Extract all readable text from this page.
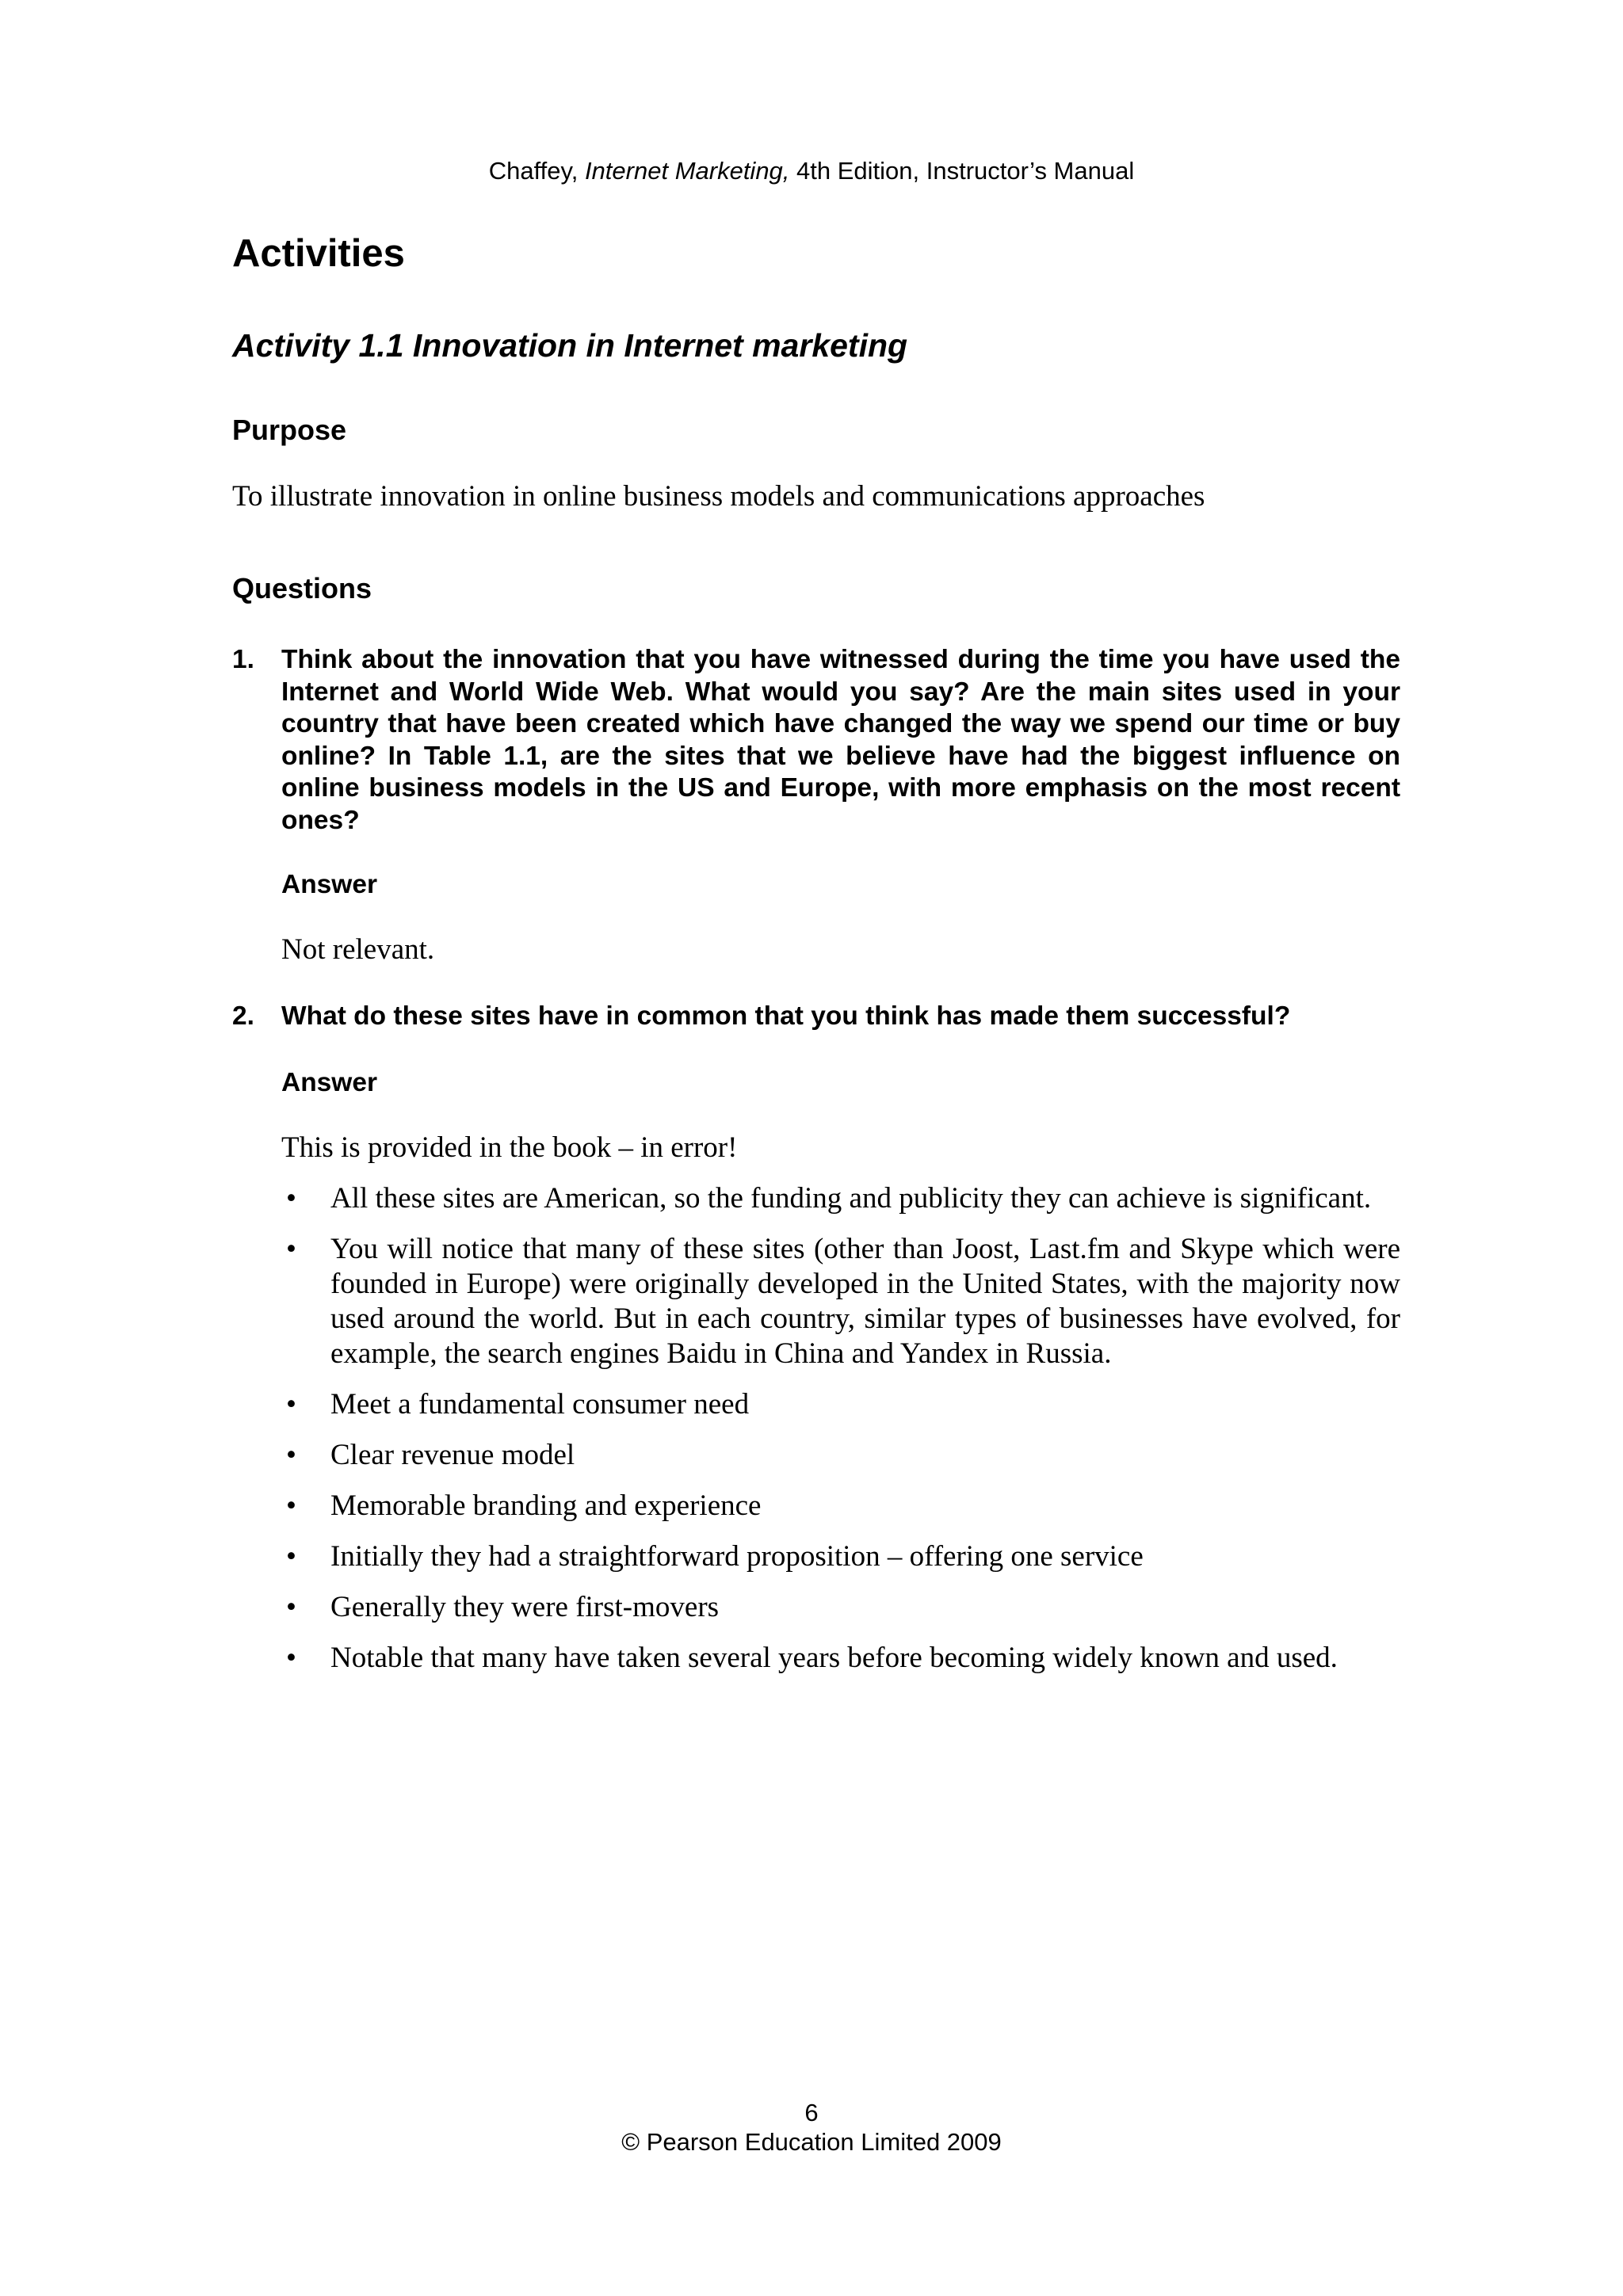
Chaffey, Internet Marketing, 4th Edition, Instructor’s Manual
Activities
Activity 1.1 Innovation in Internet marketing
Purpose

To illustrate innovation in online business models and communications approaches

Questions
1. Think about the innovation that you have witnessed during the time you have used the Internet and World Wide Web. What would you say? Are the main sites used in your country that have been created which have changed the way we spend our time or buy online? In Table 1.1, are the sites that we believe have had the biggest influence on online business models in the US and Europe, with more emphasis on the most recent ones?
Answer
Not relevant.
2. What do these sites have in common that you think has made them successful?
Answer
This is provided in the book – in error!
• All these sites are American, so the funding and publicity they can achieve is significant.
• You will notice that many of these sites (other than Joost, Last.fm and Skype which were founded in Europe) were originally developed in the United States, with the majority now used around the world. But in each country, similar types of businesses have evolved, for example, the search engines Baidu in China and Yandex in Russia.
• Meet a fundamental consumer need
• Clear revenue model
• Memorable branding and experience
• Initially they had a straightforward proposition – offering one service
• Generally they were first-movers
• Notable that many have taken several years before becoming widely known and used.
6
© Pearson Education Limited 2009
